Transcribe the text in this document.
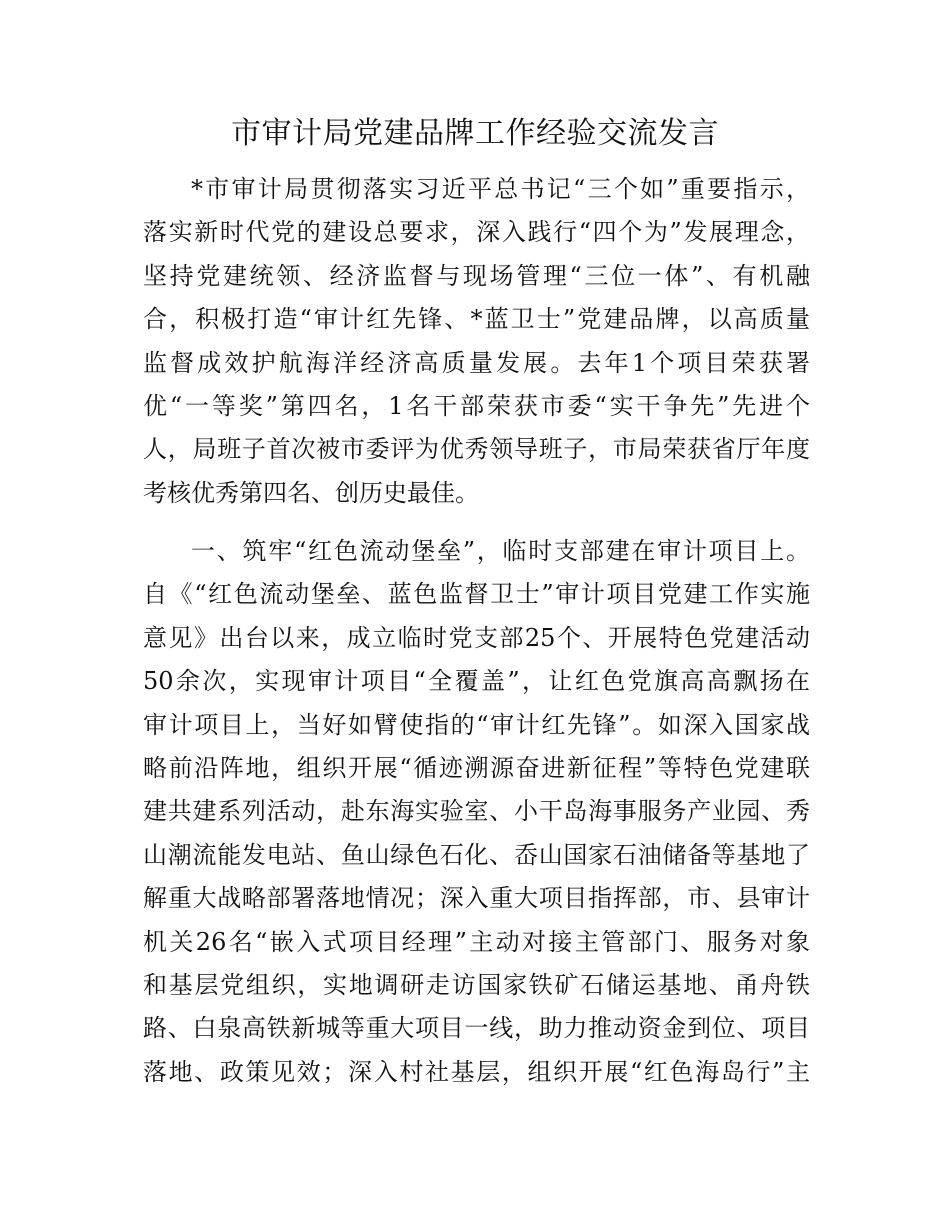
市审计局党建品牌工作经验交流发言
*市审计局贯彻落实习近平总书记“三个如”重要指示，
落实新时代党的建设总要求，深入践行“四个为”发展理念，
坚持党建统领、经济监督与现场管理“三位一体”、有机融
合，积极打造“审计红先锋、*蓝卫士”党建品牌，以高质量
监督成效护航海洋经济高质量发展。去年1个项目荣获署
优“一等奖”第四名，1名干部荣获市委“实干争先”先进个
人，局班子首次被市委评为优秀领导班子，市局荣获省厅年度
考核优秀第四名、创历史最佳。
一、筑牢“红色流动堡垒”，临时支部建在审计项目上。
自《“红色流动堡垒、蓝色监督卫士”审计项目党建工作实施
意见》出台以来，成立临时党支部25个、开展特色党建活动
50余次，实现审计项目“全覆盖”，让红色党旗高高飘扬在
审计项目上，当好如臂使指的“审计红先锋”。如深入国家战
略前沿阵地，组织开展“循迹溯源奋进新征程”等特色党建联
建共建系列活动，赴东海实验室、小干岛海事服务产业园、秀
山潮流能发电站、鱼山绿色石化、岙山国家石油储备等基地了
解重大战略部署落地情况；深入重大项目指挥部，市、县审计
机关26名“嵌入式项目经理”主动对接主管部门、服务对象
和基层党组织，实地调研走访国家铁矿石储运基地、甬舟铁
路、白泉高铁新城等重大项目一线，助力推动资金到位、项目
落地、政策见效；深入村社基层，组织开展“红色海岛行”主
